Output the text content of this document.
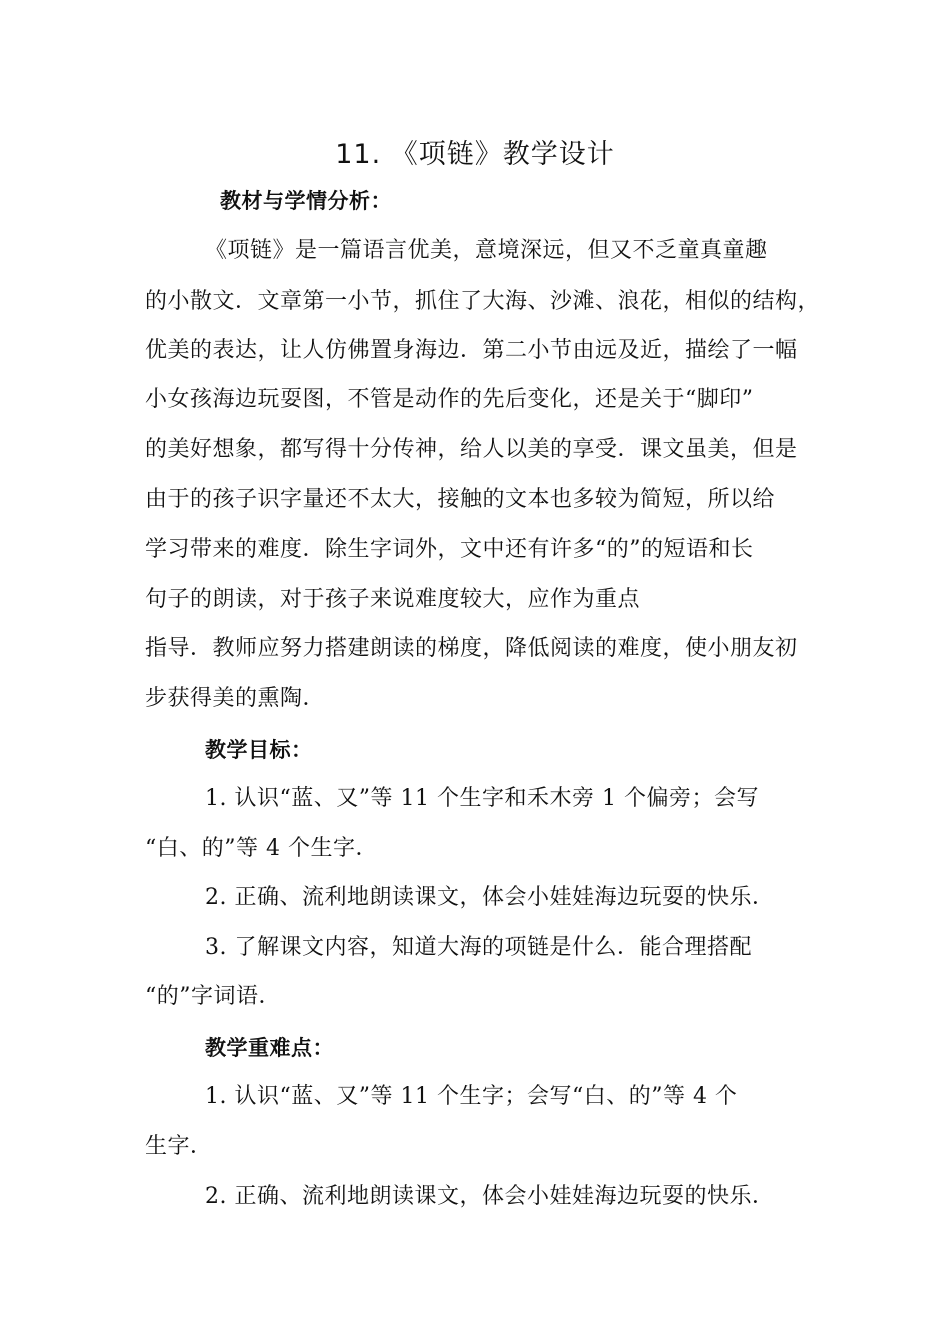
11. 《项链》教学设计
教材与学情分析：
《项链》是一篇语言优美，意境深远，但又不乏童真童趣
的小散文．文章第一小节，抓住了大海、沙滩、浪花，相似的结构，
优美的表达，让人仿佛置身海边．第二小节由远及近，描绘了一幅
小女孩海边玩耍图，不管是动作的先后变化，还是关于“脚印”
的美好想象，都写得十分传神，给人以美的享受．课文虽美，但是
由于的孩子识字量还不太大，接触的文本也多较为简短，所以给
学习带来的难度．除生字词外，文中还有许多“的”的短语和长
句子的朗读，对于孩子来说难度较大，应作为重点
指导．教师应努力搭建朗读的梯度，降低阅读的难度，使小朋友初
步获得美的熏陶．
教学目标：
1. 认识“蓝、又”等 11 个生字和禾木旁 1 个偏旁；会写
“白、的”等 4 个生字．
2. 正确、流利地朗读课文，体会小娃娃海边玩耍的快乐．
3. 了解课文内容，知道大海的项链是什么．能合理搭配
“的”字词语．
教学重难点：
1. 认识“蓝、又”等 11 个生字；会写“白、的”等 4 个
生字．
2. 正确、流利地朗读课文，体会小娃娃海边玩耍的快乐．
